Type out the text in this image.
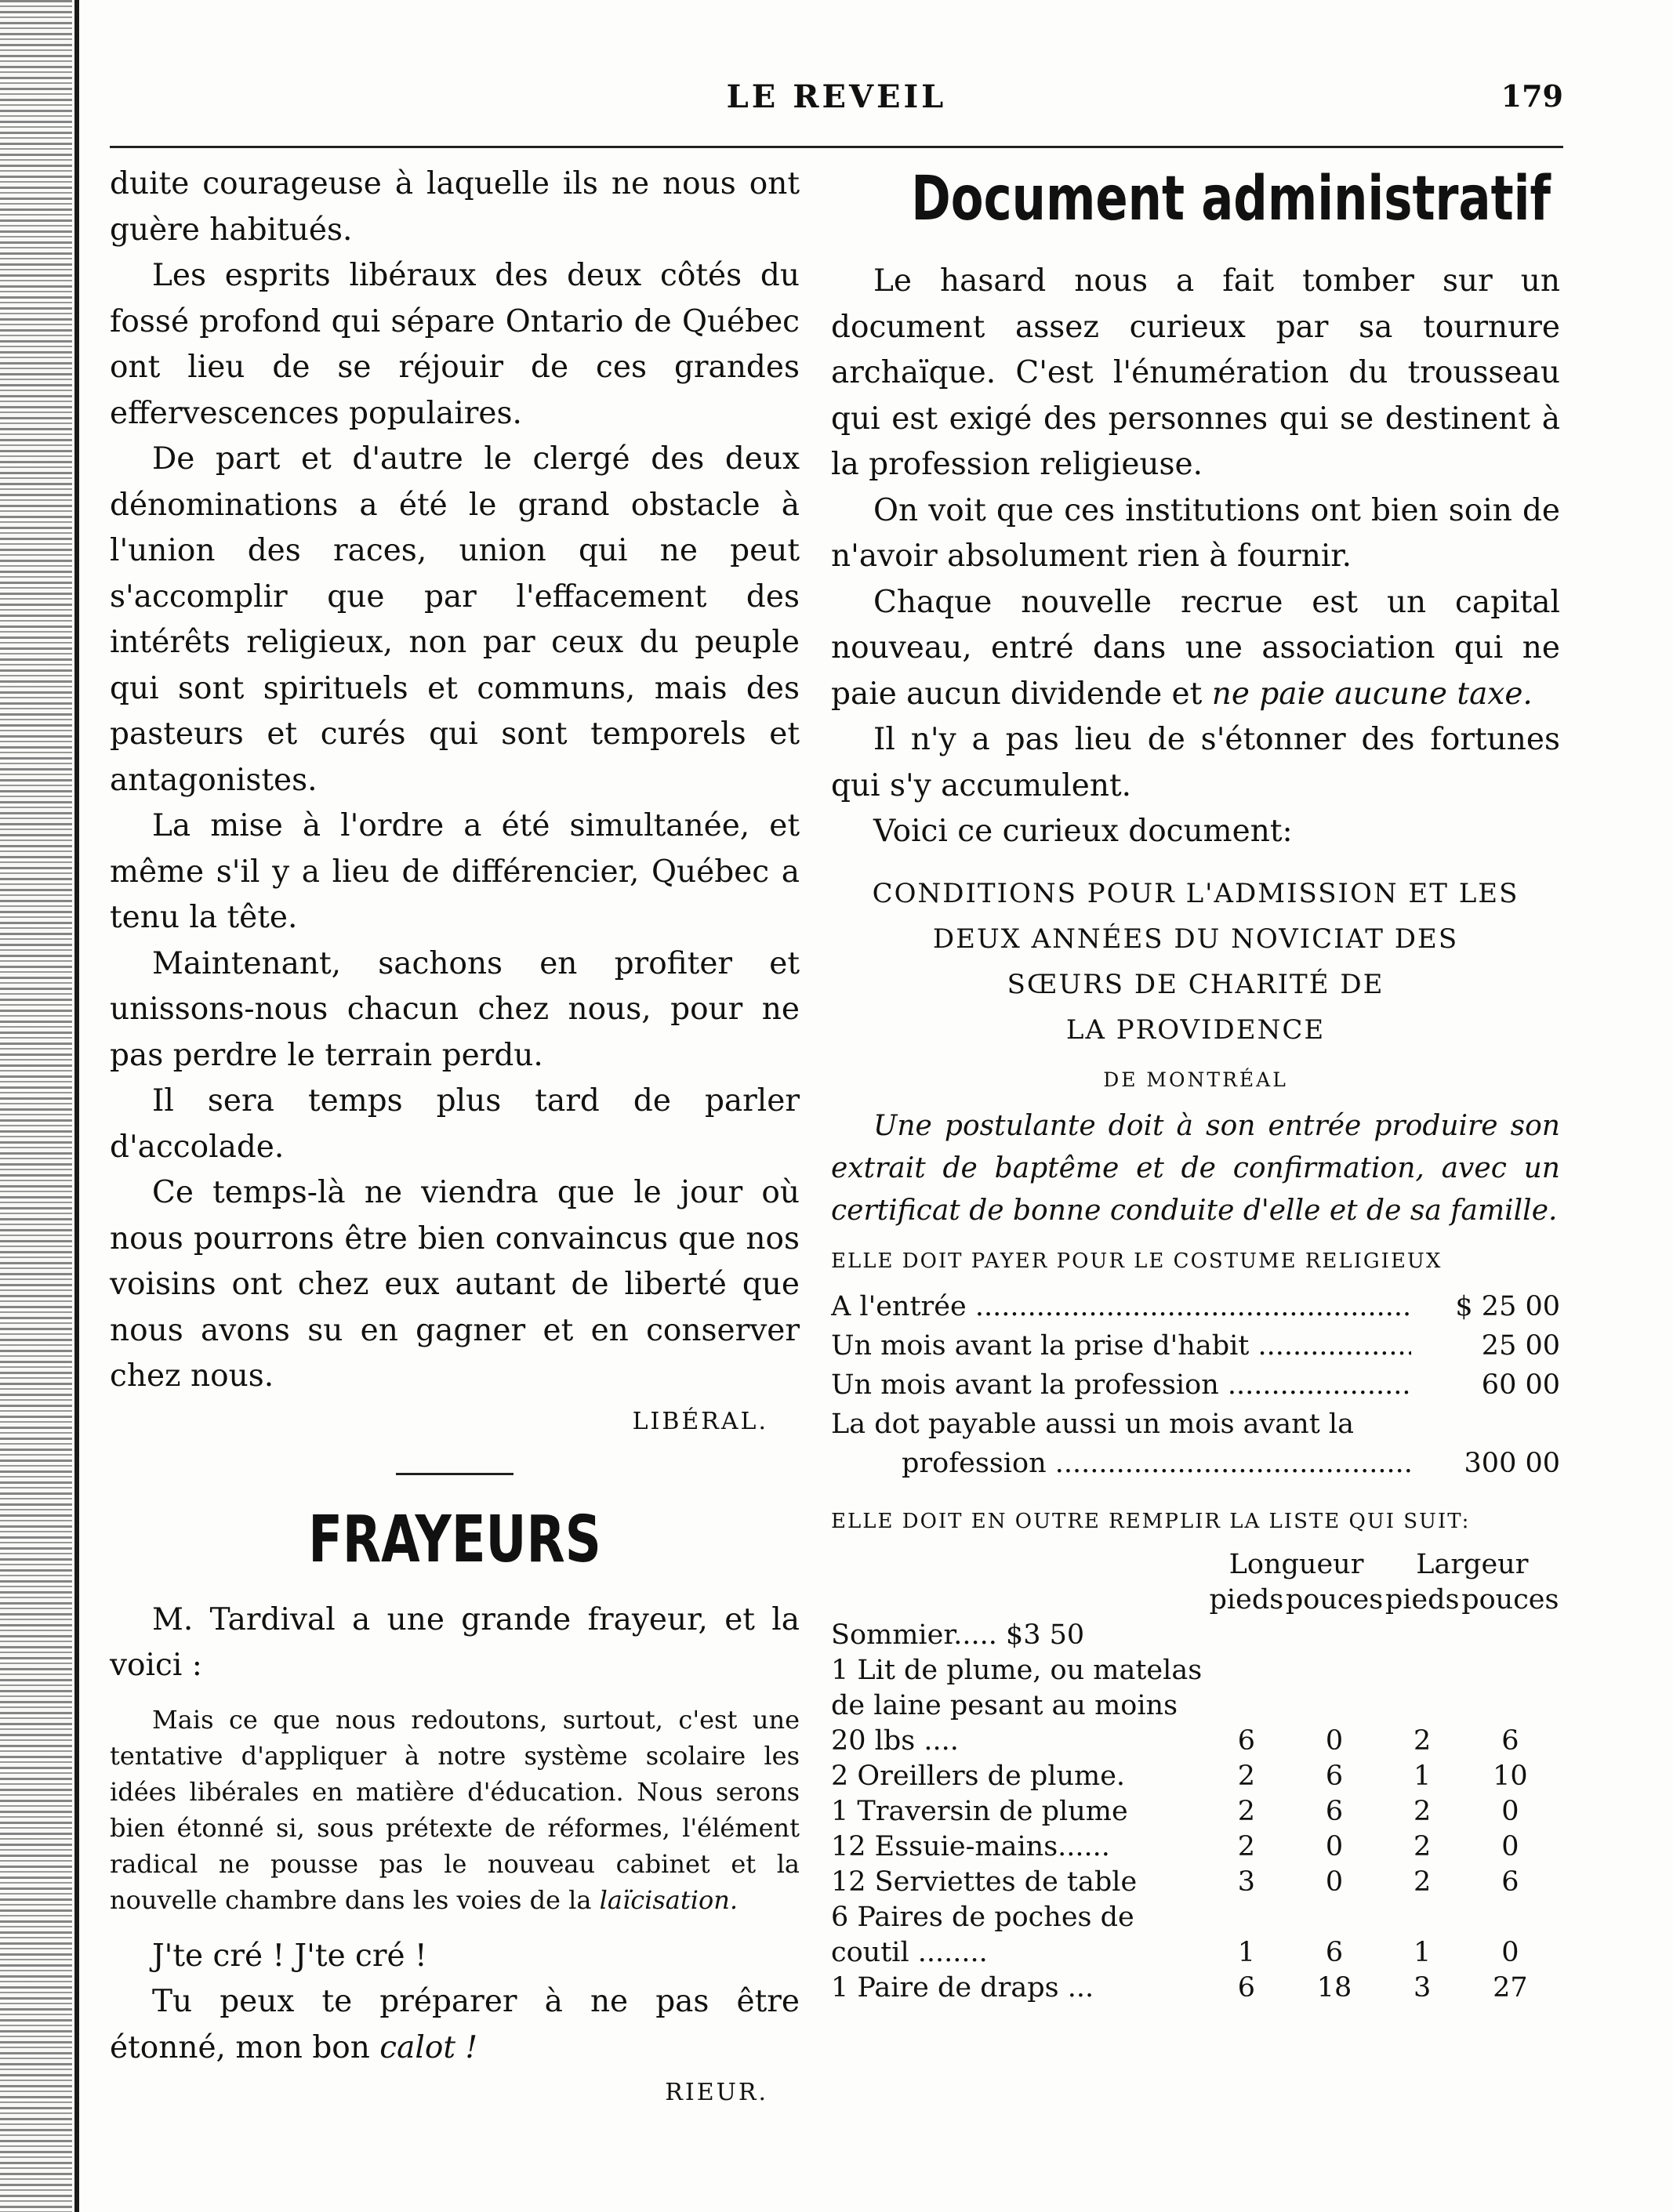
LE REVEIL	179

duite courageuse à laquelle ils ne nous ont guère habitués.

Les esprits libéraux des deux côtés du fossé profond qui sépare Ontario de Québec ont lieu de se réjouir de ces grandes effervescences populaires.

De part et d'autre le clergé des deux dénominations a été le grand obstacle à l'union des races, union qui ne peut s'accomplir que par l'effacement des intérêts religieux, non par ceux du peuple qui sont spirituels et communs, mais des pasteurs et curés qui sont temporels et antagonistes.

La mise à l'ordre a été simultanée, et même s'il y a lieu de différencier, Québec a tenu la tête.

Maintenant, sachons en profiter et unissons-nous chacun chez nous, pour ne pas perdre le terrain perdu.

Il sera temps plus tard de parler d'accolade.

Ce temps-là ne viendra que le jour où nous pourrons être bien convaincus que nos voisins ont chez eux autant de liberté que nous avons su en gagner et en conserver chez nous.

LIBÉRAL.
FRAYEURS

M. Tardival a une grande frayeur, et la voici :

Mais ce que nous redoutons, surtout, c'est une tentative d'appliquer à notre système scolaire les idées libérales en matière d'éducation. Nous serons bien étonné si, sous prétexte de réformes, l'élément radical ne pousse pas le nouveau cabinet et la nouvelle chambre dans les voies de la laïcisation.

J'te cré ! J'te cré !

Tu peux te préparer à ne pas être étonné, mon bon calot !

RIEUR.
Document administratif

Le hasard nous a fait tomber sur un document assez curieux par sa tournure archaïque. C'est l'énumération du trousseau qui est exigé des personnes qui se destinent à la profession religieuse.

On voit que ces institutions ont bien soin de n'avoir absolument rien à fournir.

Chaque nouvelle recrue est un capital nouveau, entré dans une association qui ne paie aucun dividende et ne paie aucune taxe.

Il n'y a pas lieu de s'étonner des fortunes qui s'y accumulent.

Voici ce curieux document:

CONDITIONS POUR L'ADMISSION ET LES
DEUX ANNÉES DU NOVICIAT DES
SŒURS DE CHARITÉ DE
LA PROVIDENCE
DE MONTRÉAL

Une postulante doit à son entrée produire son extrait de baptême et de confirmation, avec un certificat de bonne conduite d'elle et de sa famille.

ELLE DOIT PAYER POUR LE COSTUME RELIGIEUX
A l'entrée .....	$ 25 00
Un mois avant la prise d'habit .....	25 00
Un mois avant la profession .....	60 00
La dot payable aussi un mois avant la
profession .....	300 00
ELLE DOIT EN OUTRE REMPLIR LA LISTE QUI SUIT:
	Longueur		Largeur	
	pieds	pouces	pieds	pouces
Sommier..... $3 50				
1 Lit de plume, ou matelas de laine pesant au moins 20 lbs ....	6	0	2	6
2 Oreillers de plume.	2	6	1	10
1 Traversin de plume	2	6	2	0
12 Essuie-mains......	2	0	2	0
12 Serviettes de table	3	0	2	6
6 Paires de poches de coutil ........	1	6	1	0
1 Paire de draps ...	6	18	3	27
